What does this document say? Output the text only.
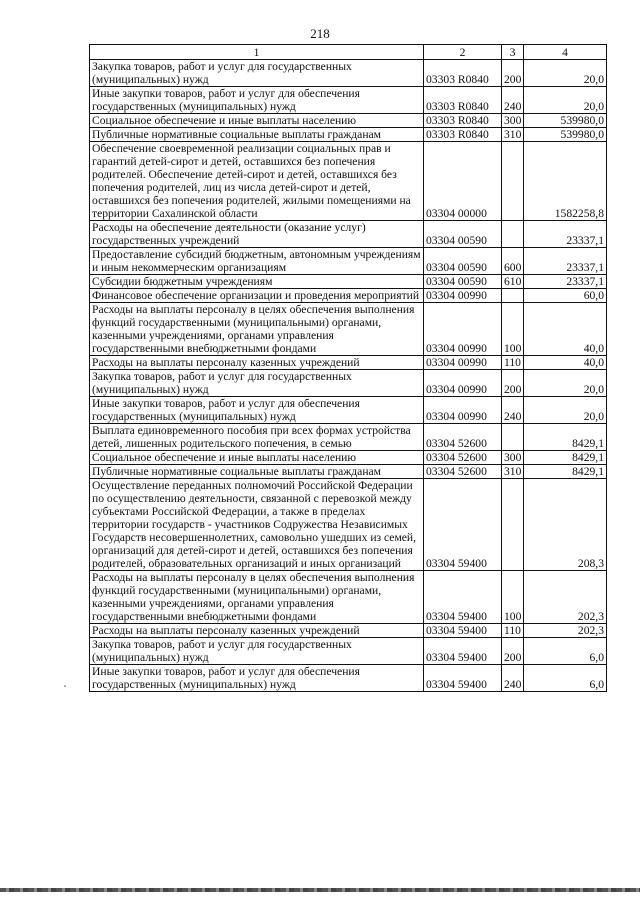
218
1	2	3	4
Закупка товаров, работ и услуг для государственных (муниципальных) нужд	03303 R0840	200	20,0
Иные закупки товаров, работ и услуг для обеспечения государственных (муниципальных) нужд	03303 R0840	240	20,0
Социальное обеспечение и иные выплаты населению	03303 R0840	300	539980,0
Публичные нормативные социальные выплаты гражданам	03303 R0840	310	539980,0
Обеспечение своевременной реализации социальных прав и гарантий детей-сирот и детей, оставшихся без попечения родителей. Обеспечение детей-сирот и детей, оставшихся без попечения родителей, лиц из числа детей-сирот и детей, оставшихся без попечения родителей, жилыми помещениями на территории Сахалинской области	03304 00000		1582258,8
Расходы на обеспечение деятельности (оказание услуг) государственных учреждений	03304 00590		23337,1
Предоставление субсидий бюджетным, автономным учреждениям и иным некоммерческим организациям	03304 00590	600	23337,1
Субсидии бюджетным учреждениям	03304 00590	610	23337,1
Финансовое обеспечение организации и проведения мероприятий	03304 00990		60,0
Расходы на выплаты персоналу в целях обеспечения выполнения функций государственными (муниципальными) органами, казенными учреждениями, органами управления государственными внебюджетными фондами	03304 00990	100	40,0
Расходы на выплаты персоналу казенных учреждений	03304 00990	110	40,0
Закупка товаров, работ и услуг для государственных (муниципальных) нужд	03304 00990	200	20,0
Иные закупки товаров, работ и услуг для обеспечения государственных (муниципальных) нужд	03304 00990	240	20,0
Выплата единовременного пособия при всех формах устройства детей, лишенных родительского попечения, в семью	03304 52600		8429,1
Социальное обеспечение и иные выплаты населению	03304 52600	300	8429,1
Публичные нормативные социальные выплаты гражданам	03304 52600	310	8429,1
Осуществление переданных полномочий Российской Федерации по осуществлению деятельности, связанной с перевозкой между субъектами Российской Федерации, а также в пределах территории государств - участников Содружества Независимых Государств несовершеннолетних, самовольно ушедших из семей, организаций для детей-сирот и детей, оставшихся без попечения родителей, образовательных организаций и иных организаций	03304 59400		208,3
Расходы на выплаты персоналу в целях обеспечения выполнения функций государственными (муниципальными) органами, казенными учреждениями, органами управления государственными внебюджетными фондами	03304 59400	100	202,3
Расходы на выплаты персоналу казенных учреждений	03304 59400	110	202,3
Закупка товаров, работ и услуг для государственных (муниципальных) нужд	03304 59400	200	6,0
Иные закупки товаров, работ и услуг для обеспечения государственных (муниципальных) нужд	03304 59400	240	6,0
